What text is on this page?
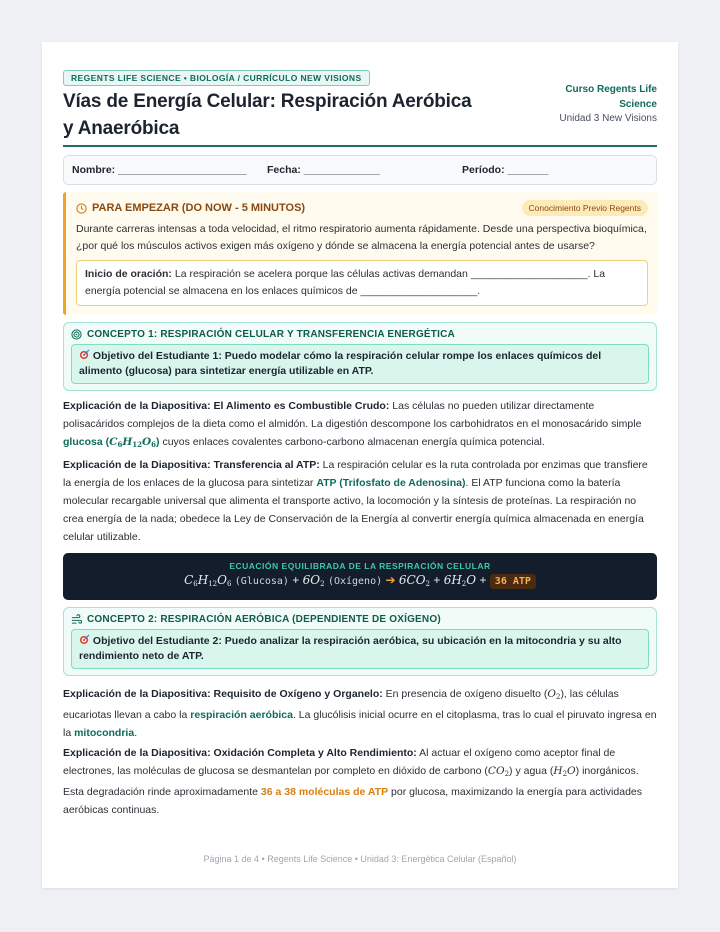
REGENTS LIFE SCIENCE • BIOLOGÍA / CURRÍCULO NEW VISIONS
Vías de Energía Celular: Respiración Aeróbica y Anaeróbica
Curso Regents Life
Science
Unidad 3 New Visions
Nombre: ______________________	Fecha: _____________	Período: _______
PARA EMPEZAR (DO NOW - 5 MINUTOS)	Conocimiento Previo Regents

Durante carreras intensas a toda velocidad, el ritmo respiratorio aumenta rápidamente. Desde una perspectiva bioquímica, ¿por qué los músculos activos exigen más oxígeno y dónde se almacena la energía potencial antes de usarse?

Inicio de oración: La respiración se acelera porque las células activas demandan ____________________. La energía potencial se almacena en los enlaces químicos de ____________________.
CONCEPTO 1: RESPIRACIÓN CELULAR Y TRANSFERENCIA ENERGÉTICA
Objetivo del Estudiante 1: Puedo modelar cómo la respiración celular rompe los enlaces químicos del alimento (glucosa) para sintetizar energía utilizable en ATP.
Explicación de la Diapositiva: El Alimento es Combustible Crudo: Las células no pueden utilizar directamente polisacáridos complejos de la dieta como el almidón. La digestión descompone los carbohidratos en el monosacárido simple glucosa $(C_6H_{12}O_6)$ cuyos enlaces covalentes carbono-carbono almacenan energía química potencial.
Explicación de la Diapositiva: Transferencia al ATP: La respiración celular es la ruta controlada por enzimas que transfiere la energía de los enlaces de la glucosa para sintetizar ATP (Trifosfato de Adenosina). El ATP funciona como la batería molecular recargable universal que alimenta el transporte activo, la locomoción y la síntesis de proteínas. La respiración no crea energía de la nada; obedece la Ley de Conservación de la Energía al convertir energía química almacenada en energía celular utilizable.
ECUACIÓN EQUILIBRADA DE LA RESPIRACIÓN CELULAR
$C_6H_{12}O_6$ $(Glucosa) + 6O_2$ (Oxígeno) ➔ $6CO_2 + 6H_2O + 36$ ATP
CONCEPTO 2: RESPIRACIÓN AERÓBICA (DEPENDIENTE DE OXÍGENO)
Objetivo del Estudiante 2: Puedo analizar la respiración aeróbica, su ubicación en la mitocondria y su alto rendimiento neto de ATP.
Explicación de la Diapositiva: Requisito de Oxígeno y Organelo: En presencia de oxígeno disuelto $(O_2)$, las células eucariotas llevan a cabo la respiración aeróbica. La glucólisis inicial ocurre en el citoplasma, tras lo cual el piruvato ingresa en la mitocondria.
Explicación de la Diapositiva: Oxidación Completa y Alto Rendimiento: Al actuar el oxígeno como aceptor final de electrones, las moléculas de glucosa se desmantelan por completo en dióxido de carbono $(CO_2)$ y agua $(H_2O)$ inorgánicos. Esta degradación rinde aproximadamente 36 a 38 moléculas de ATP por glucosa, maximizando la energía para actividades aeróbicas continuas.
Página 1 de 4 • Regents Life Science • Unidad 3: Energética Celular (Español)
